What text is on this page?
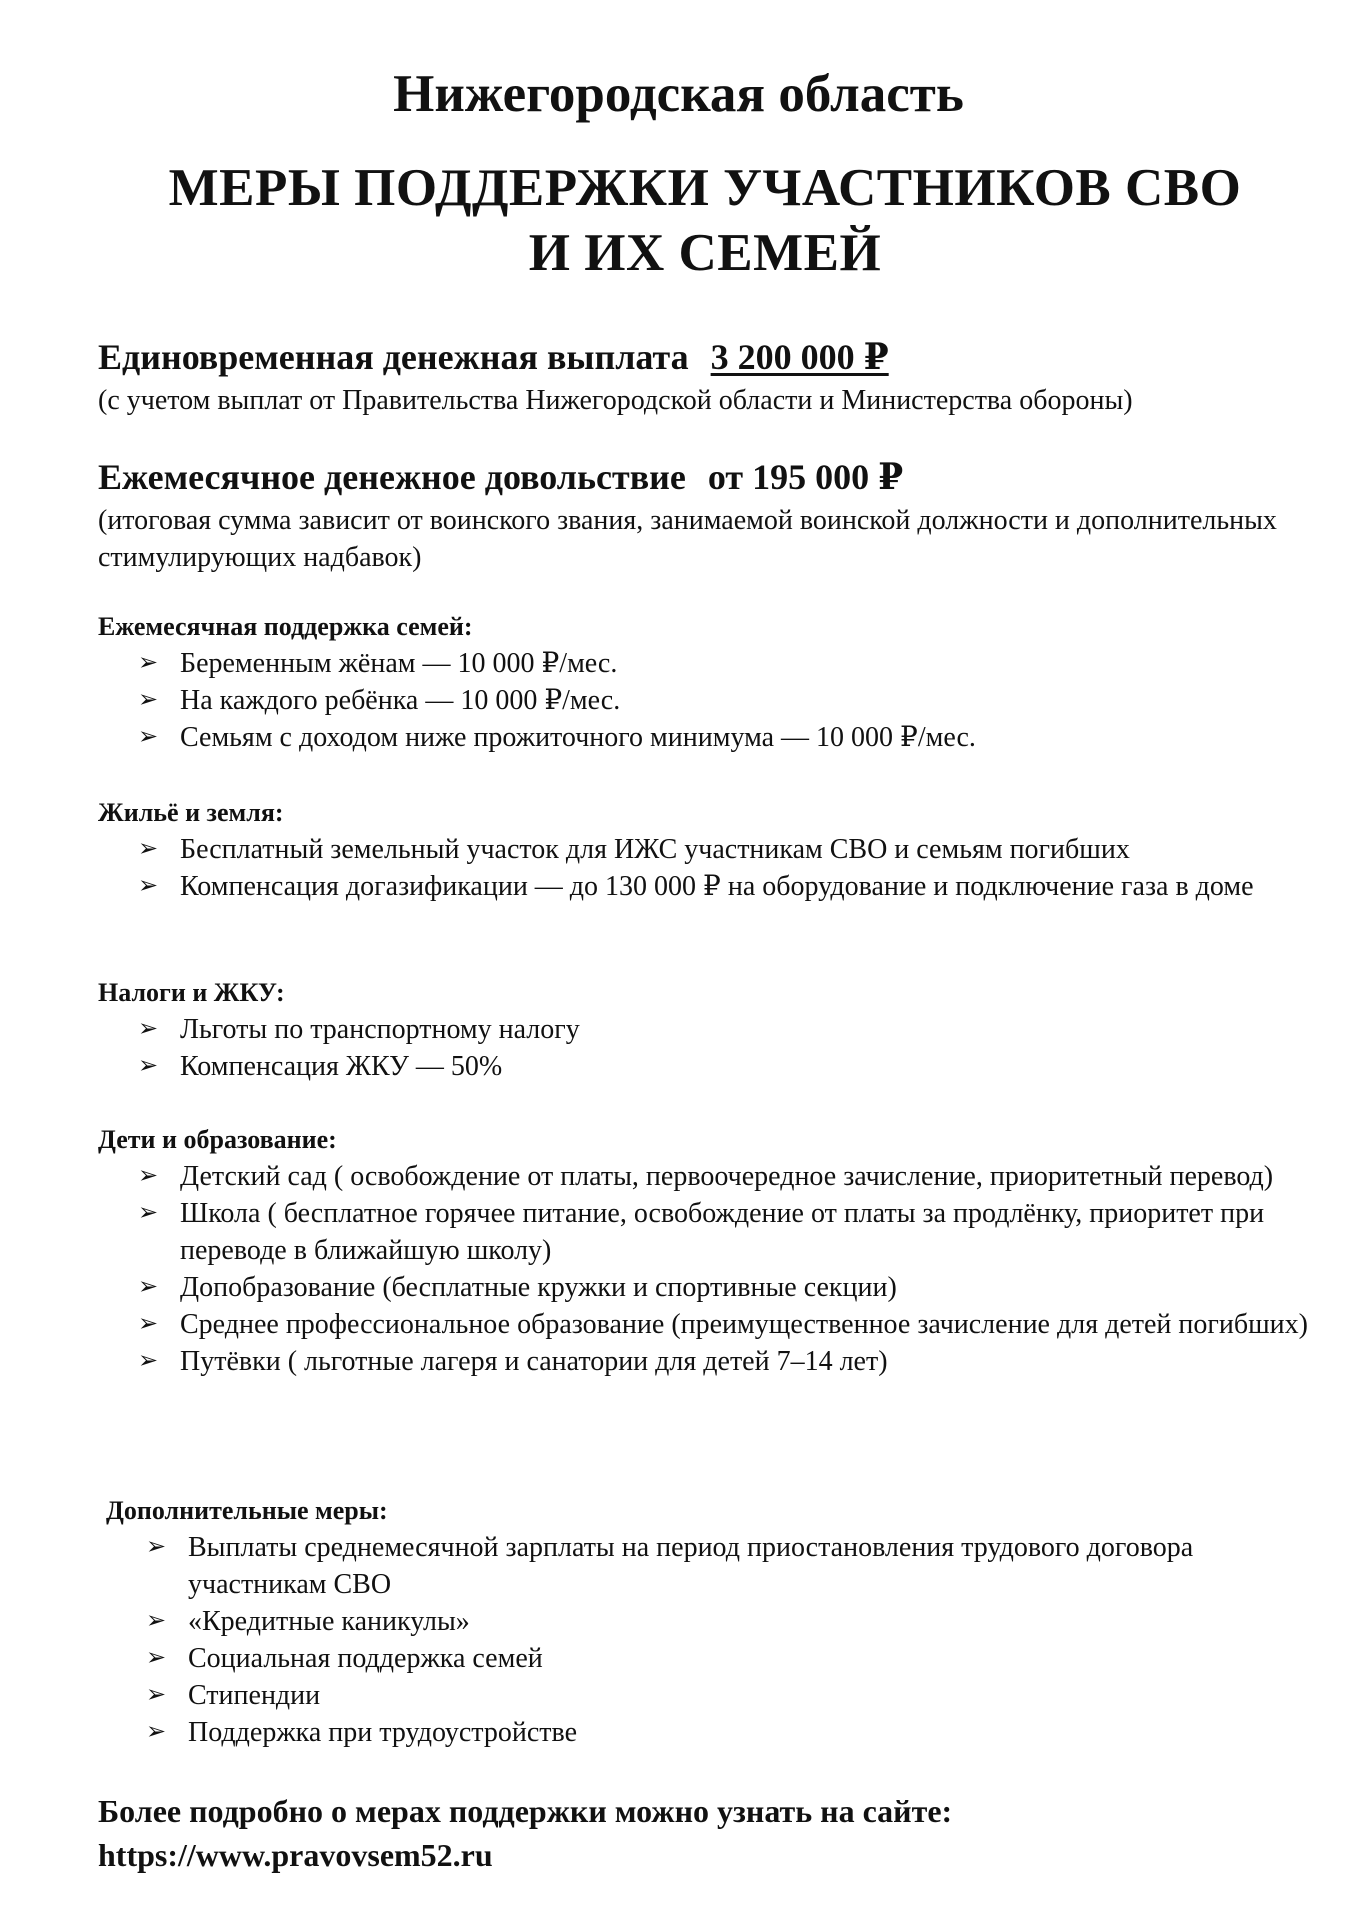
Нижегородская область
МЕРЫ ПОДДЕРЖКИ УЧАСТНИКОВ СВО
И ИХ СЕМЕЙ
Единовременная денежная выплата 3 200 000 ₽
(с учетом выплат от Правительства Нижегородской области и Министерства обороны)
Ежемесячное денежное довольствие от 195 000 ₽
(итоговая сумма зависит от воинского звания, занимаемой воинской должности и дополнительных стимулирующих надбавок)
Ежемесячная поддержка семей:
➢ Беременным жёнам — 10 000 ₽/мес.
➢ На каждого ребёнка — 10 000 ₽/мес.
➢ Семьям с доходом ниже прожиточного минимума — 10 000 ₽/мес.
Жильё и земля:
➢ Бесплатный земельный участок для ИЖС участникам СВО и семьям погибших
➢ Компенсация догазификации — до 130 000 ₽ на оборудование и подключение газа в доме
Налоги и ЖКУ:
➢ Льготы по транспортному налогу
➢ Компенсация ЖКУ — 50%
Дети и образование:
➢ Детский сад ( освобождение от платы, первоочередное зачисление, приоритетный перевод)
➢ Школа ( бесплатное горячее питание, освобождение от платы за продлёнку, приоритет при переводе в ближайшую школу)
➢ Допобразование (бесплатные кружки и спортивные секции)
➢ Среднее профессиональное образование (преимущественное зачисление для детей погибших)
➢ Путёвки ( льготные лагеря и санатории для детей 7–14 лет)
Дополнительные меры:
➢ Выплаты среднемесячной зарплаты на период приостановления трудового договора участникам СВО
➢ «Кредитные каникулы»
➢ Социальная поддержка семей
➢ Стипендии
➢ Поддержка при трудоустройстве
Более подробно о мерах поддержки можно узнать на сайте:
https://www.pravovsem52.ru
